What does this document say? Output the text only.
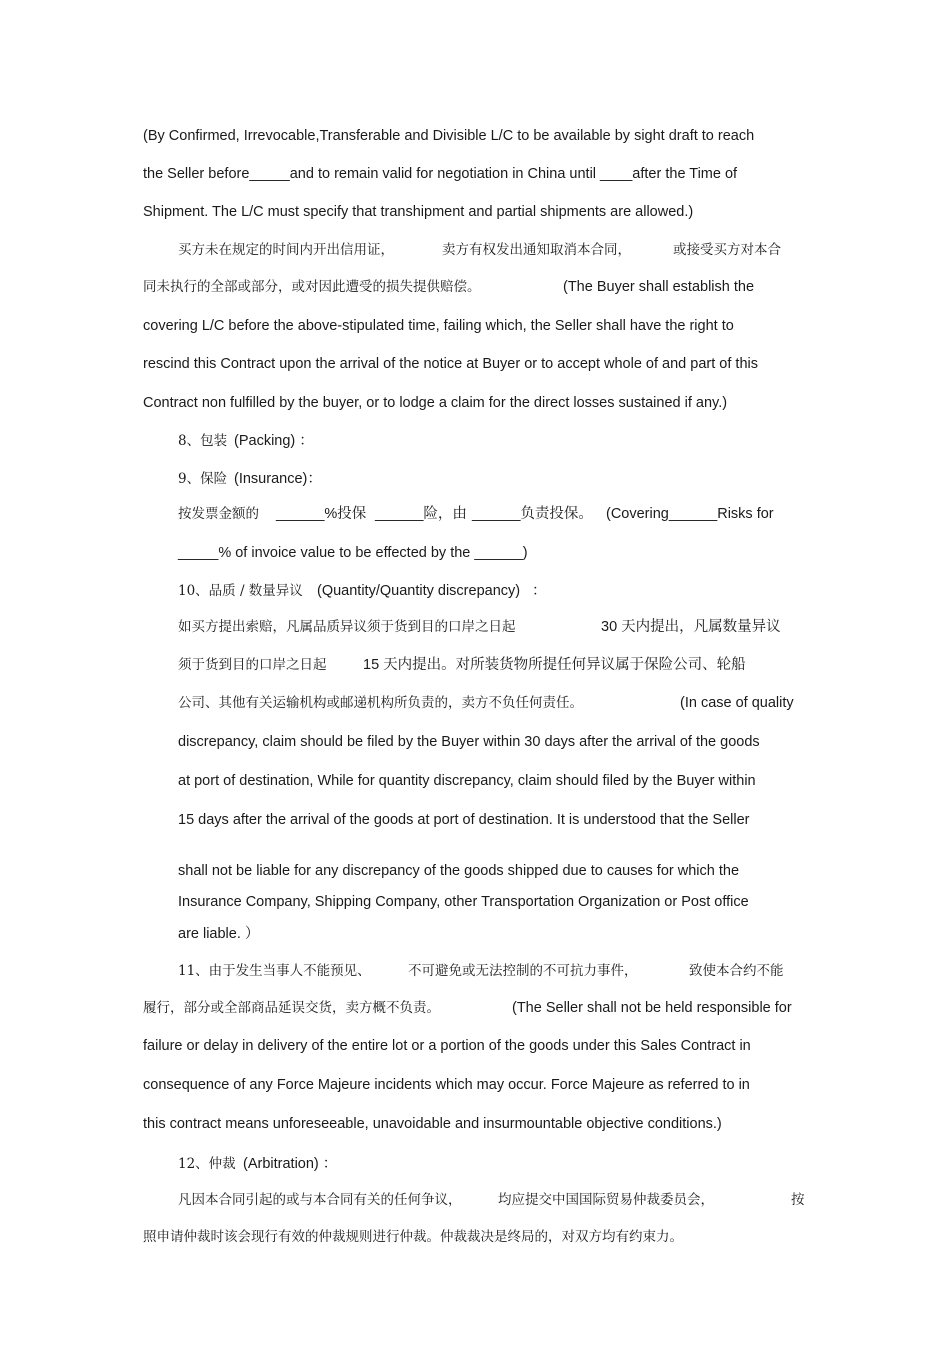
(By Confirmed, Irrevocable,Transferable and Divisible L/C to be available by sight draft to reach
the Seller before_____and to remain valid for negotiation in China until ____after the Time of
Shipment. The L/C must specify that transhipment and partial shipments are allowed.)
买方未在规定的时间内开出信用证，	卖方有权发出通知取消本合同，	或接受买方对本合
同未执行的全部或部分，或对因此遭受的损失提供赔偿。	(The Buyer shall establish the
covering L/C before the above-stipulated time, failing which, the Seller shall have the right to
rescind this Contract upon the arrival of the notice at Buyer or to accept whole of and part of this
Contract non fulfilled by the buyer, or to lodge a claim for the direct losses sustained if any.)
8、包装 (Packing) ：
9、保险 (Insurance)：
按发票金额的 ______%投保 ______险，由 ______负责投保。 (Covering______Risks for
_____% of invoice value to be effected by the ______)
10、品质 / 数量异议 (Quantity/Quantity discrepancy) ：
如买方提出索赔，凡属品质异议须于货到目的口岸之日起	30 天内提出，凡属数量异议
须于货到目的口岸之日起	15 天内提出。对所装货物所提任何异议属于保险公司、轮船
公司、其他有关运输机构或邮递机构所负责的，卖方不负任何责任。	(In case of quality
discrepancy, claim should be filed by the Buyer within 30 days after the arrival of the goods
at port of destination, While for quantity discrepancy, claim should filed by the Buyer within
15 days after the arrival of the goods at port of destination. It is understood that the Seller
shall not be liable for any discrepancy of the goods shipped due to causes for which the
Insurance Company, Shipping Company, other Transportation Organization or Post office
are liable. ）
11、由于发生当事人不能预见、	不可避免或无法控制的不可抗力事件，	致使本合约不能
履行，部分或全部商品延误交货，卖方概不负责。	(The Seller shall not be held responsible for
failure or delay in delivery of the entire lot or a portion of the goods under this Sales Contract in
consequence of any Force Majeure incidents which may occur. Force Majeure as referred to in
this contract means unforeseeable, unavoidable and insurmountable objective conditions.)
12、仲裁 (Arbitration) ：
凡因本合同引起的或与本合同有关的任何争议，	均应提交中国国际贸易仲裁委员会，	按
照申请仲裁时该会现行有效的仲裁规则进行仲裁。仲裁裁决是终局的，对双方均有约束力。
